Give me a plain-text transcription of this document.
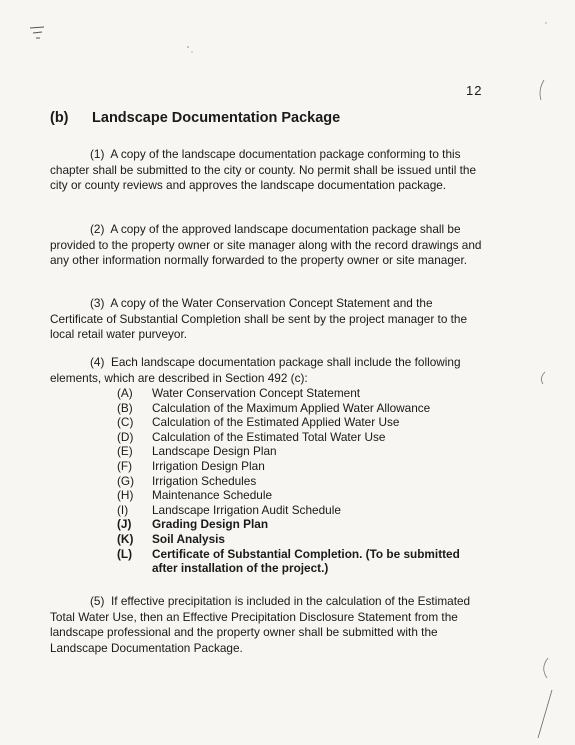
12
(b) Landscape Documentation Package

(1) A copy of the landscape documentation package conforming to this chapter shall be submitted to the city or county. No permit shall be issued until the city or county reviews and approves the landscape documentation package.

(2) A copy of the approved landscape documentation package shall be provided to the property owner or site manager along with the record drawings and any other information normally forwarded to the property owner or site manager.

(3) A copy of the Water Conservation Concept Statement and the Certificate of Substantial Completion shall be sent by the project manager to the local retail water purveyor.

(4) Each landscape documentation package shall include the following elements, which are described in Section 492 (c):

(A)	Water Conservation Concept Statement
(B)	Calculation of the Maximum Applied Water Allowance
(C)	Calculation of the Estimated Applied Water Use
(D)	Calculation of the Estimated Total Water Use
(E)	Landscape Design Plan
(F)	Irrigation Design Plan
(G)	Irrigation Schedules
(H)	Maintenance Schedule
(I)	Landscape Irrigation Audit Schedule
(J)	Grading Design Plan
(K)	Soil Analysis
(L)	Certificate of Substantial Completion. (To be submitted after installation of the project.)

(5) If effective precipitation is included in the calculation of the Estimated Total Water Use, then an Effective Precipitation Disclosure Statement from the landscape professional and the property owner shall be submitted with the Landscape Documentation Package.
